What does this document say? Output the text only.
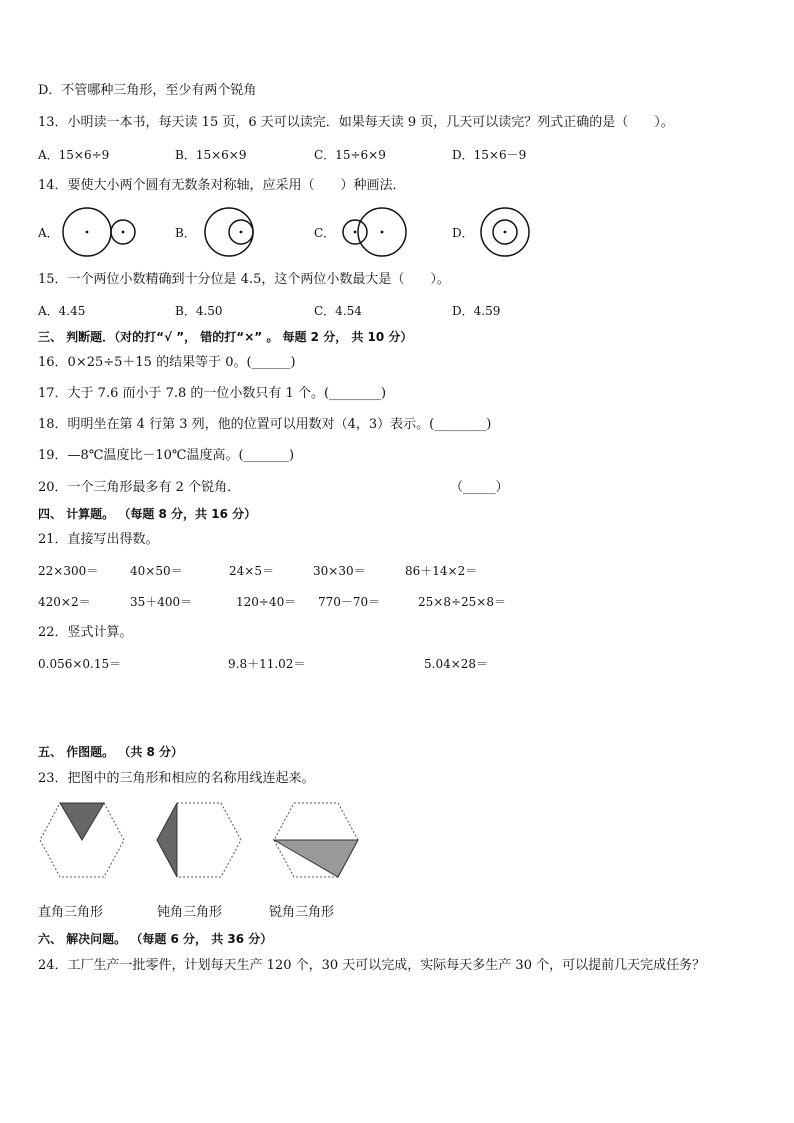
D．不管哪种三角形，至少有两个锐角
13．小明读一本书，每天读 15 页，6 天可以读完．如果每天读 9 页，几天可以读完？列式正确的是（　　）。
A．15×6÷9	B．15×6×9	C．15÷6×9	D．15×6－9
14．要使大小两个圆有无数条对称轴，应采用（　　）种画法．
A．	B．	C．	D．
15．一个两位小数精确到十分位是 4.5，这个两位小数最大是（　　）。
A．4.45	B．4.50	C．4.54	D．4.59
三、 判断题．（对的打“√ ”， 错的打“×” 。 每题 2 分， 共 10 分）
16．0×25÷5＋15 的结果等于 0。(______)
17．大于 7.6 而小于 7.8 的一位小数只有 1 个。(________)
18．明明坐在第 4 行第 3 列，他的位置可以用数对（4，3）表示。(________)
19．—8℃温度比－10℃温度高。(_______)
20．一个三角形最多有 2 个锐角．	（_____）
四、 计算题。 （每题 8 分，共 16 分）
21．直接写出得数。
22×300＝	40×50＝	24×5＝	30×30＝	86＋14×2＝
420×2＝	35＋400＝	120÷40＝ 770－70＝	25×8÷25×8＝
22．竖式计算。
0.056×0.15＝	9.8＋11.02＝	5.04×28＝
五、 作图题。 （共 8 分）
23．把图中的三角形和相应的名称用线连起来。
直角三角形	钝角三角形	锐角三角形
六、 解决问题。 （每题 6 分， 共 36 分）
24．工厂生产一批零件，计划每天生产 120 个，30 天可以完成，实际每天多生产 30 个，可以提前几天完成任务？
